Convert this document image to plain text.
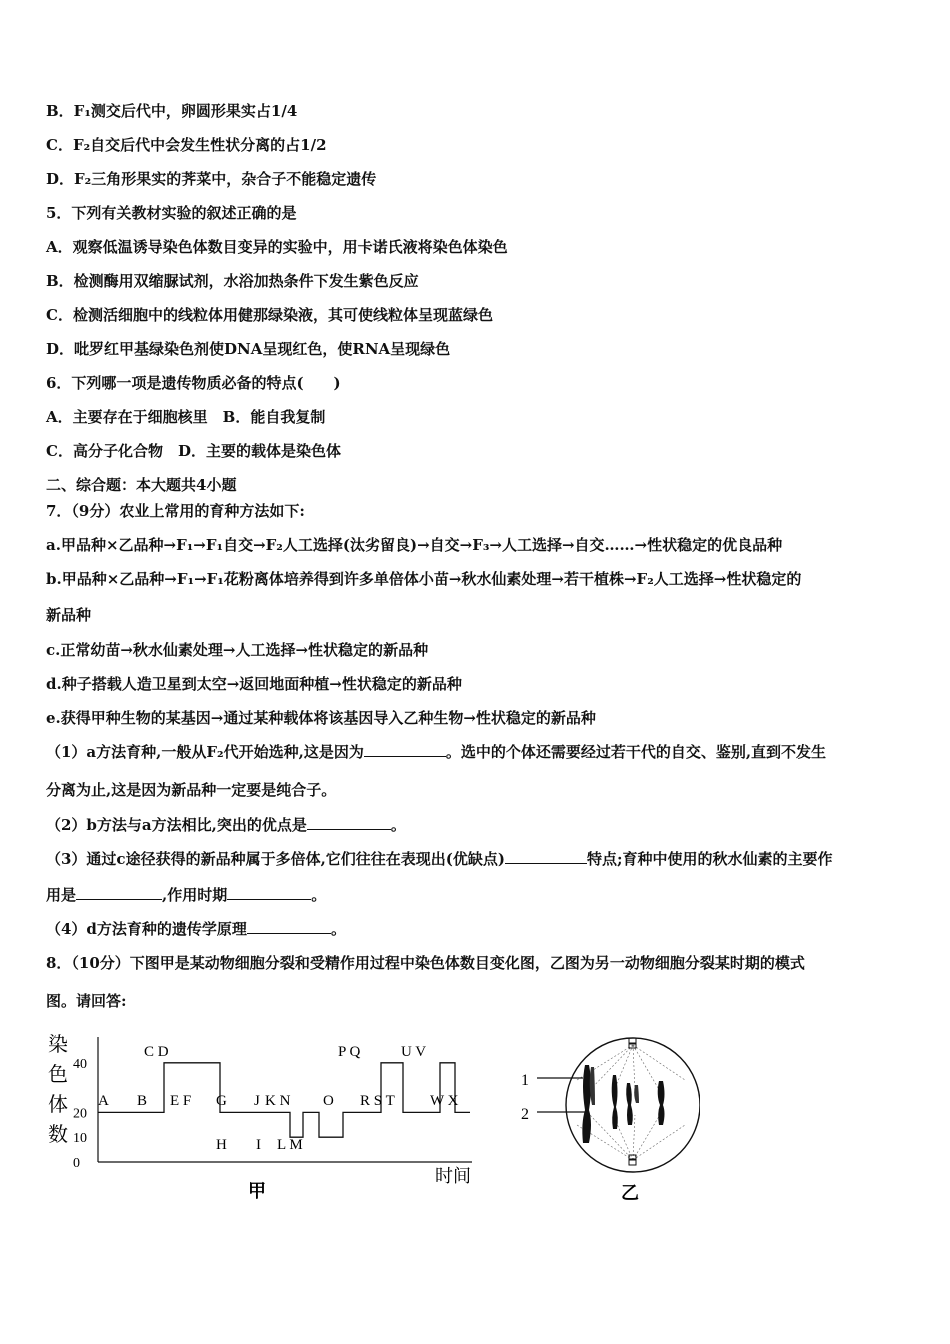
B．F₁测交后代中，卵圆形果实占1/4
C．F₂自交后代中会发生性状分离的占1/2
D．F₂三角形果实的荠菜中，杂合子不能稳定遗传
5．下列有关教材实验的叙述正确的是
A．观察低温诱导染色体数目变异的实验中，用卡诺氏液将染色体染色
B．检测酶用双缩脲试剂，水浴加热条件下发生紫色反应
C．检测活细胞中的线粒体用健那绿染液，其可使线粒体呈现蓝绿色
D．吡罗红甲基绿染色剂使DNA呈现红色，使RNA呈现绿色
6．下列哪一项是遗传物质必备的特点(　　)
A．主要存在于细胞核里　B．能自我复制
C．高分子化合物　D．主要的载体是染色体
二、综合题：本大题共4小题
7．（9分）农业上常用的育种方法如下:
a.甲品种×乙品种→F₁→F₁自交→F₂人工选择(汰劣留良)→自交→F₃→人工选择→自交……→性状稳定的优良品种
b.甲品种×乙品种→F₁→F₁花粉离体培养得到许多单倍体小苗→秋水仙素处理→若干植株→F₂人工选择→性状稳定的
新品种
c.正常幼苗→秋水仙素处理→人工选择→性状稳定的新品种
d.种子搭载人造卫星到太空→返回地面种植→性状稳定的新品种
e.获得甲种生物的某基因→通过某种载体将该基因导入乙种生物→性状稳定的新品种
（1）a方法育种,一般从F₂代开始选种,这是因为	。选中的个体还需要经过若干代的自交、鉴别,直到不发生
分离为止,这是因为新品种一定要是纯合子。
（2）b方法与a方法相比,突出的优点是	。
（3）通过c途径获得的新品种属于多倍体,它们往往在表现出(优缺点)	特点;育种中使用的秋水仙素的主要作
用是	,作用时期	。
（4）d方法育种的遗传学原理	。
8．（10分）下图甲是某动物细胞分裂和受精作用过程中染色体数目变化图，乙图为另一动物细胞分裂某时期的模式
图。请回答:
染
色
体
数
0
10
20
40
A B
C D
E F G J K N O
P Q
R S T
U V
W X
H I L M
时间
甲
1
2
乙
